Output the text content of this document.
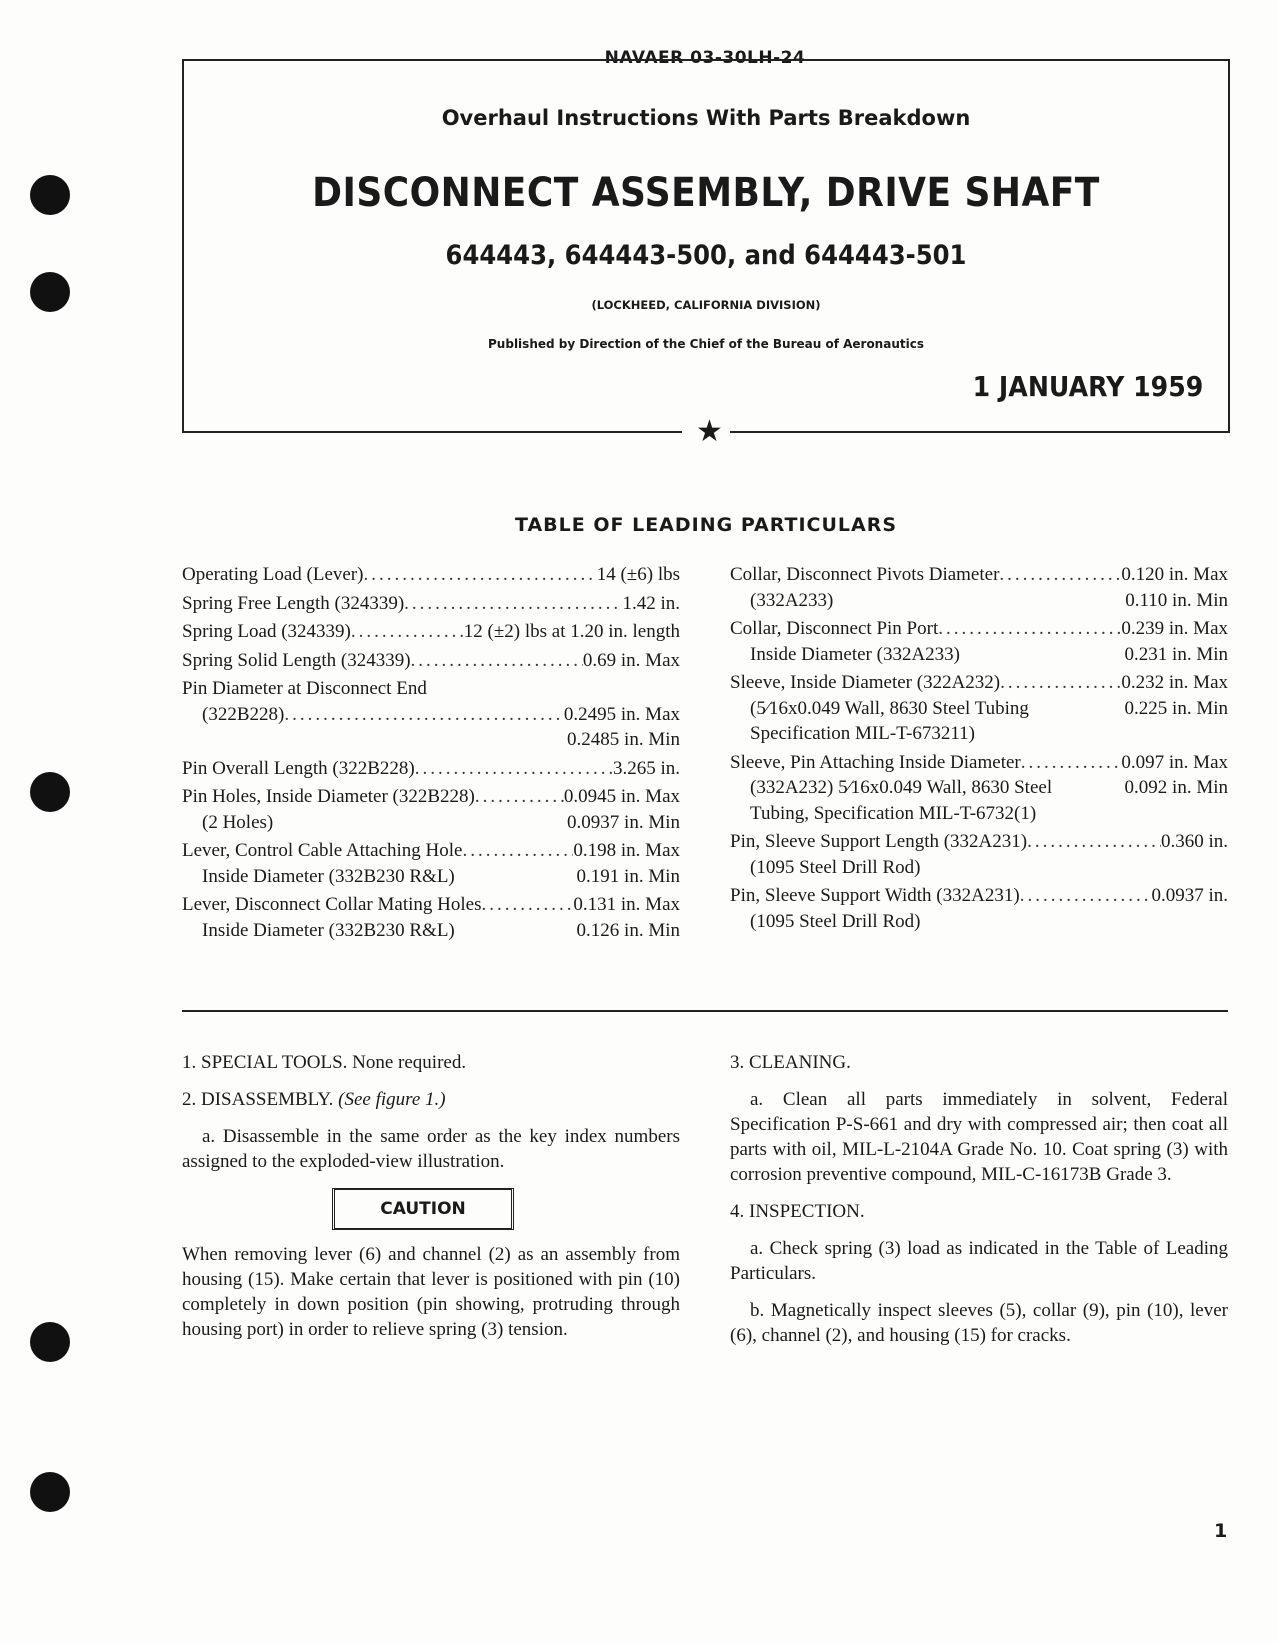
NAVAER 03-30LH-24
★
Overhaul Instructions With Parts Breakdown
DISCONNECT ASSEMBLY, DRIVE SHAFT
644443, 644443-500, and 644443-501
(LOCKHEED, CALIFORNIA DIVISION)
Published by Direction of the Chief of the Bureau of Aeronautics
1 JANUARY 1959
TABLE OF LEADING PARTICULARS
Operating Load (Lever) .....	14 (±6) lbs
Spring Free Length (324339) .....	1.42 in.
Spring Load (324339) .....	12 (±2) lbs at 1.20 in. length
Spring Solid Length (324339) .....	0.69 in. Max
Pin Diameter at Disconnect End
(322B228) .....	0.2495 in. Max
0.2485 in. Min
Pin Overall Length (322B228) .....	3.265 in.
Pin Holes, Inside Diameter (322B228) .....	0.0945 in. Max
(2 Holes)	0.0937 in. Min
Lever, Control Cable Attaching Hole .....	0.198 in. Max
Inside Diameter (332B230 R&L)	0.191 in. Min
Lever, Disconnect Collar Mating Holes .....	0.131 in. Max
Inside Diameter (332B230 R&L)	0.126 in. Min
Collar, Disconnect Pivots Diameter .....	0.120 in. Max
(332A233)	0.110 in. Min
Collar, Disconnect Pin Port .....	0.239 in. Max
Inside Diameter (332A233)	0.231 in. Min
Sleeve, Inside Diameter (322A232) .....	0.232 in. Max
(5⁄16x0.049 Wall, 8630 Steel Tubing	0.225 in. Min
Specification MIL-T-673211)
Sleeve, Pin Attaching Inside Diameter .....	0.097 in. Max
(332A232) 5⁄16x0.049 Wall, 8630 Steel	0.092 in. Min
Tubing, Specification MIL-T-6732(1)
Pin, Sleeve Support Length (332A231) .....	0.360 in.
(1095 Steel Drill Rod)
Pin, Sleeve Support Width (332A231) .....	0.0937 in.
(1095 Steel Drill Rod)

1. SPECIAL TOOLS. None required.

2. DISASSEMBLY. (See figure 1.)

a. Disassemble in the same order as the key index numbers assigned to the exploded-view illustration.

CAUTION

When removing lever (6) and channel (2) as an assembly from housing (15). Make certain that lever is positioned with pin (10) completely in down position (pin showing, protruding through housing port) in order to relieve spring (3) tension.

3. CLEANING.

a. Clean all parts immediately in solvent, Federal Specification P-S-661 and dry with compressed air; then coat all parts with oil, MIL-L-2104A Grade No. 10. Coat spring (3) with corrosion preventive compound, MIL-C-16173B Grade 3.

4. INSPECTION.

a. Check spring (3) load as indicated in the Table of Leading Particulars.

b. Magnetically inspect sleeves (5), collar (9), pin (10), lever (6), channel (2), and housing (15) for cracks.

1
